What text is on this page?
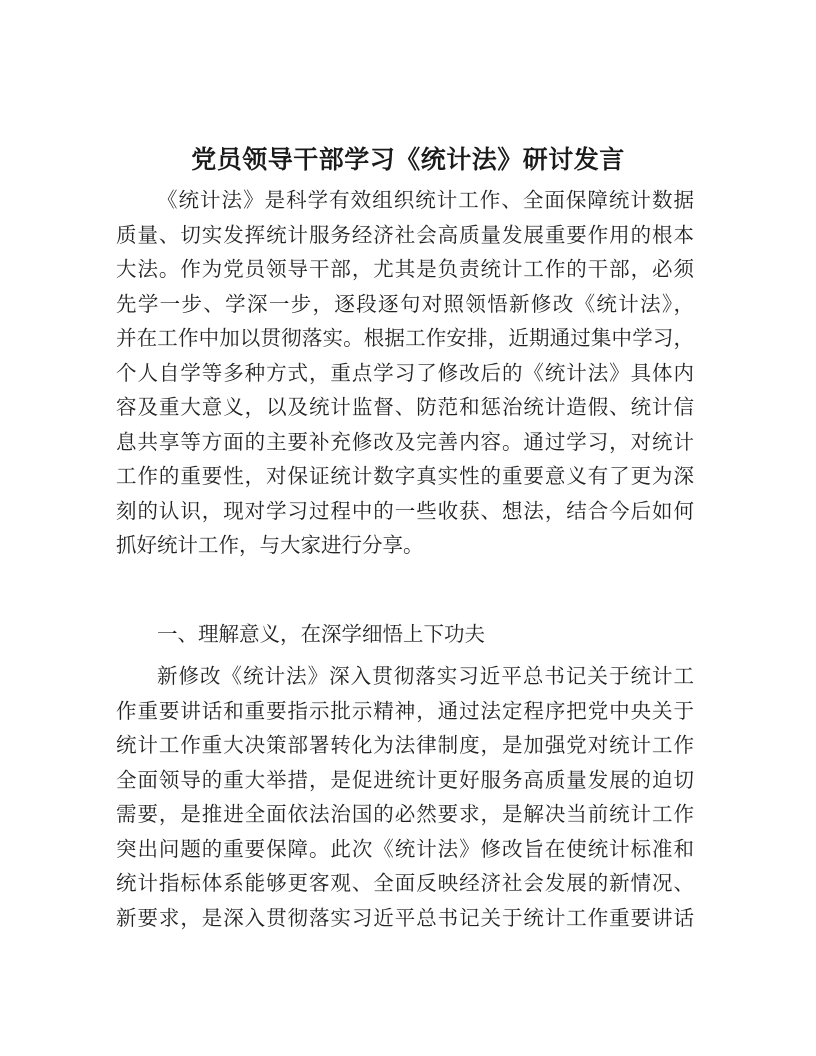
党员领导干部学习《统计法》研讨发言
《统计法》是科学有效组织统计工作、全面保障统计数据
质量、切实发挥统计服务经济社会高质量发展重要作用的根本
大法。作为党员领导干部，尤其是负责统计工作的干部，必须
先学一步、学深一步，逐段逐句对照领悟新修改《统计法》，
并在工作中加以贯彻落实。根据工作安排，近期通过集中学习，
个人自学等多种方式，重点学习了修改后的《统计法》具体内
容及重大意义，以及统计监督、防范和惩治统计造假、统计信
息共享等方面的主要补充修改及完善内容。通过学习，对统计
工作的重要性，对保证统计数字真实性的重要意义有了更为深
刻的认识，现对学习过程中的一些收获、想法，结合今后如何
抓好统计工作，与大家进行分享。
一、理解意义，在深学细悟上下功夫
新修改《统计法》深入贯彻落实习近平总书记关于统计工
作重要讲话和重要指示批示精神，通过法定程序把党中央关于
统计工作重大决策部署转化为法律制度，是加强党对统计工作
全面领导的重大举措，是促进统计更好服务高质量发展的迫切
需要，是推进全面依法治国的必然要求，是解决当前统计工作
突出问题的重要保障。此次《统计法》修改旨在使统计标准和
统计指标体系能够更客观、全面反映经济社会发展的新情况、
新要求，是深入贯彻落实习近平总书记关于统计工作重要讲话
